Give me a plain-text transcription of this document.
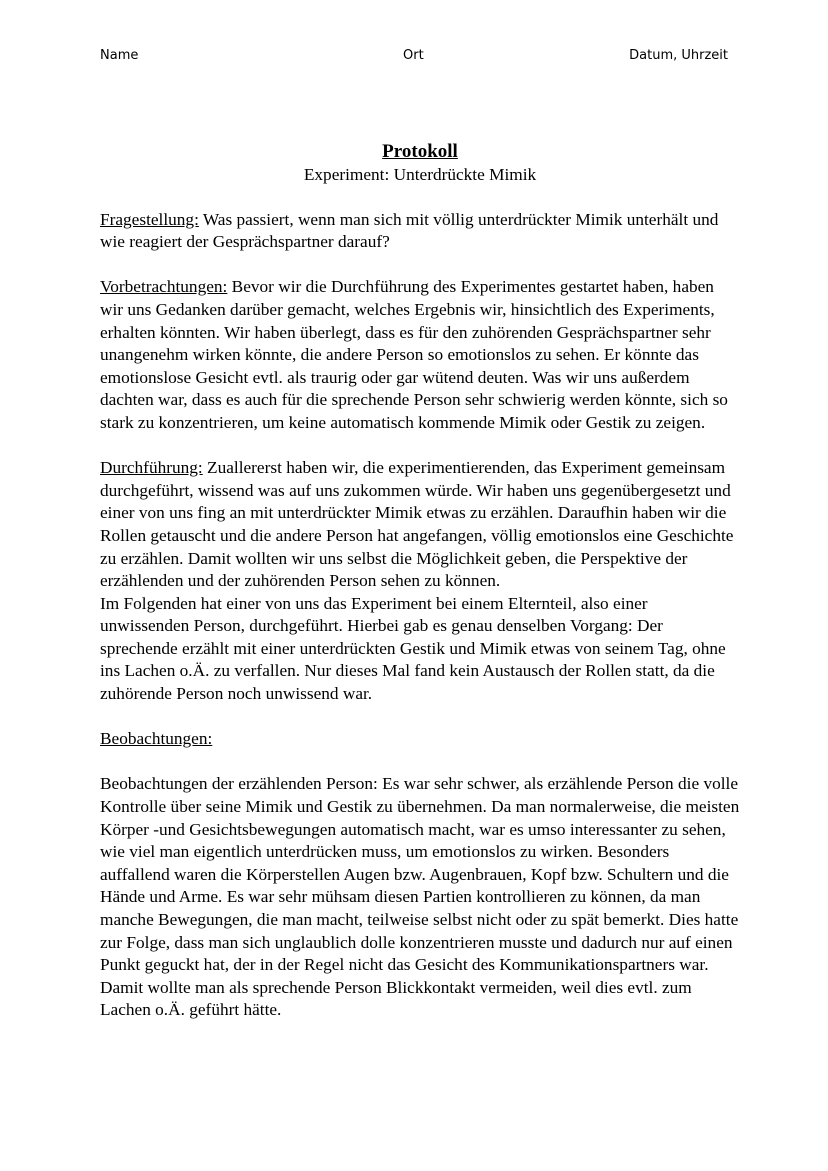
Name	Ort	Datum, Uhrzeit
Protokoll
Experiment: Unterdrückte Mimik

Fragestellung: Was passiert, wenn man sich mit völlig unterdrückter Mimik unterhält und wie reagiert der Gesprächspartner darauf?

Vorbetrachtungen: Bevor wir die Durchführung des Experimentes gestartet haben, haben wir uns Gedanken darüber gemacht, welches Ergebnis wir, hinsichtlich des Experiments, erhalten könnten. Wir haben überlegt, dass es für den zuhörenden Gesprächspartner sehr unangenehm wirken könnte, die andere Person so emotionslos zu sehen. Er könnte das emotionslose Gesicht evtl. als traurig oder gar wütend deuten. Was wir uns außerdem dachten war, dass es auch für die sprechende Person sehr schwierig werden könnte, sich so stark zu konzentrieren, um keine automatisch kommende Mimik oder Gestik zu zeigen.

Durchführung: Zuallererst haben wir, die experimentierenden, das Experiment gemeinsam durchgeführt, wissend was auf uns zukommen würde. Wir haben uns gegenübergesetzt und einer von uns fing an mit unterdrückter Mimik etwas zu erzählen. Daraufhin haben wir die Rollen getauscht und die andere Person hat angefangen, völlig emotionslos eine Geschichte zu erzählen. Damit wollten wir uns selbst die Möglichkeit geben, die Perspektive der erzählenden und der zuhörenden Person sehen zu können.

Im Folgenden hat einer von uns das Experiment bei einem Elternteil, also einer unwissenden Person, durchgeführt. Hierbei gab es genau denselben Vorgang: Der sprechende erzählt mit einer unterdrückten Gestik und Mimik etwas von seinem Tag, ohne ins Lachen o.Ä. zu verfallen. Nur dieses Mal fand kein Austausch der Rollen statt, da die zuhörende Person noch unwissend war.

Beobachtungen:

Beobachtungen der erzählenden Person: Es war sehr schwer, als erzählende Person die volle Kontrolle über seine Mimik und Gestik zu übernehmen. Da man normalerweise, die meisten Körper -und Gesichtsbewegungen automatisch macht, war es umso interessanter zu sehen, wie viel man eigentlich unterdrücken muss, um emotionslos zu wirken. Besonders auffallend waren die Körperstellen Augen bzw. Augenbrauen, Kopf bzw. Schultern und die Hände und Arme. Es war sehr mühsam diesen Partien kontrollieren zu können, da man manche Bewegungen, die man macht, teilweise selbst nicht oder zu spät bemerkt. Dies hatte zur Folge, dass man sich unglaublich dolle konzentrieren musste und dadurch nur auf einen Punkt geguckt hat, der in der Regel nicht das Gesicht des Kommunikationspartners war. Damit wollte man als sprechende Person Blickkontakt vermeiden, weil dies evtl. zum Lachen o.Ä. geführt hätte.
